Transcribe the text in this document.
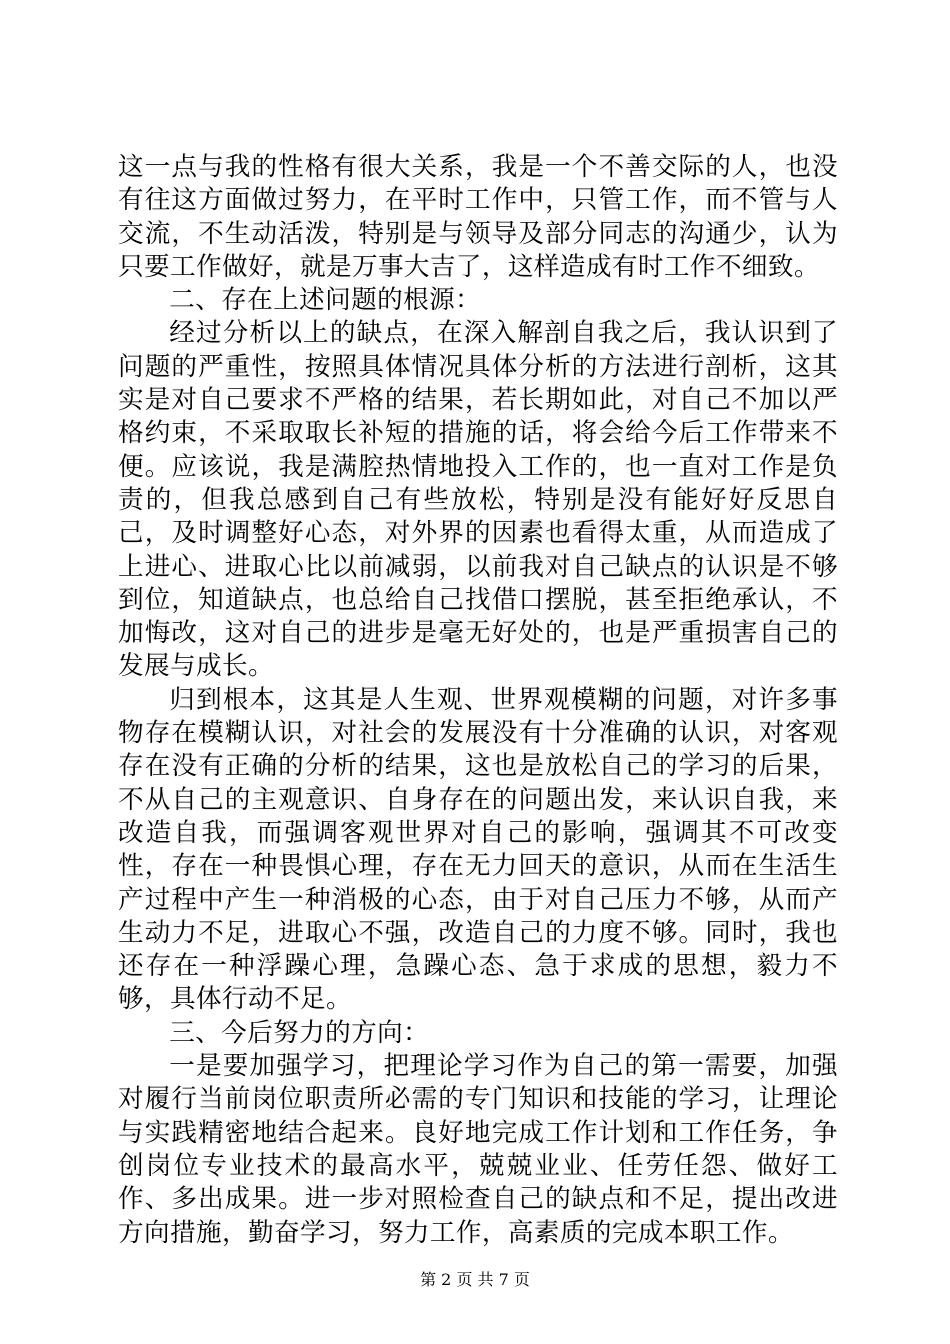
这一点与我的性格有很大关系，我是一个不善交际的人，也没有往这方面做过努力，在平时工作中，只管工作，而不管与人交流，不生动活泼，特别是与领导及部分同志的沟通少，认为只要工作做好，就是万事大吉了，这样造成有时工作不细致。

二、存在上述问题的根源：

经过分析以上的缺点，在深入解剖自我之后，我认识到了问题的严重性，按照具体情况具体分析的方法进行剖析，这其实是对自己要求不严格的结果，若长期如此，对自己不加以严格约束，不采取取长补短的措施的话，将会给今后工作带来不便。应该说，我是满腔热情地投入工作的，也一直对工作是负责的，但我总感到自己有些放松，特别是没有能好好反思自己，及时调整好心态，对外界的因素也看得太重，从而造成了上进心、进取心比以前减弱，以前我对自己缺点的认识是不够到位，知道缺点，也总给自己找借口摆脱，甚至拒绝承认，不加悔改，这对自己的进步是毫无好处的，也是严重损害自己的发展与成长。

归到根本，这其是人生观、世界观模糊的问题，对许多事物存在模糊认识，对社会的发展没有十分准确的认识，对客观存在没有正确的分析的结果，这也是放松自己的学习的后果，不从自己的主观意识、自身存在的问题出发，来认识自我，来改造自我，而强调客观世界对自己的影响，强调其不可改变性，存在一种畏惧心理，存在无力回天的意识，从而在生活生产过程中产生一种消极的心态，由于对自己压力不够，从而产生动力不足，进取心不强，改造自己的力度不够。同时，我也还存在一种浮躁心理，急躁心态、急于求成的思想，毅力不够，具体行动不足。

三、今后努力的方向：

一是要加强学习，把理论学习作为自己的第一需要，加强对履行当前岗位职责所必需的专门知识和技能的学习，让理论与实践精密地结合起来。良好地完成工作计划和工作任务，争创岗位专业技术的最高水平，兢兢业业、任劳任怨、做好工作、多出成果。进一步对照检查自己的缺点和不足，提出改进方向措施，勤奋学习，努力工作，高素质的完成本职工作。

第 2 页 共 7 页
